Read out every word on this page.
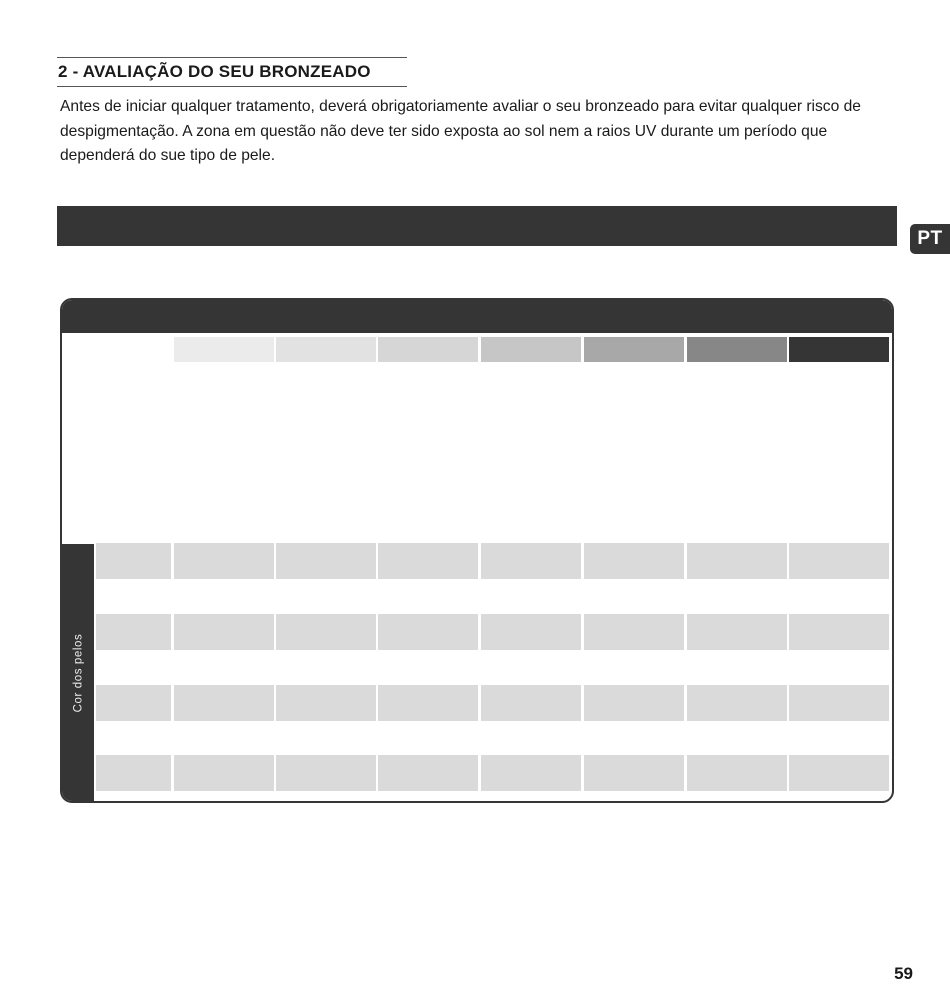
2 - AVALIAÇÃO DO SEU BRONZEADO

Antes de iniciar qualquer tratamento, deverá obrigatoriamente avaliar o seu bronzeado para evitar qualquer risco de despigmentação. A zona em questão não deve ter sido exposta ao sol nem a raios UV durante um período que dependerá do sue tipo de pele.

PT
Cor dos pelos
59
